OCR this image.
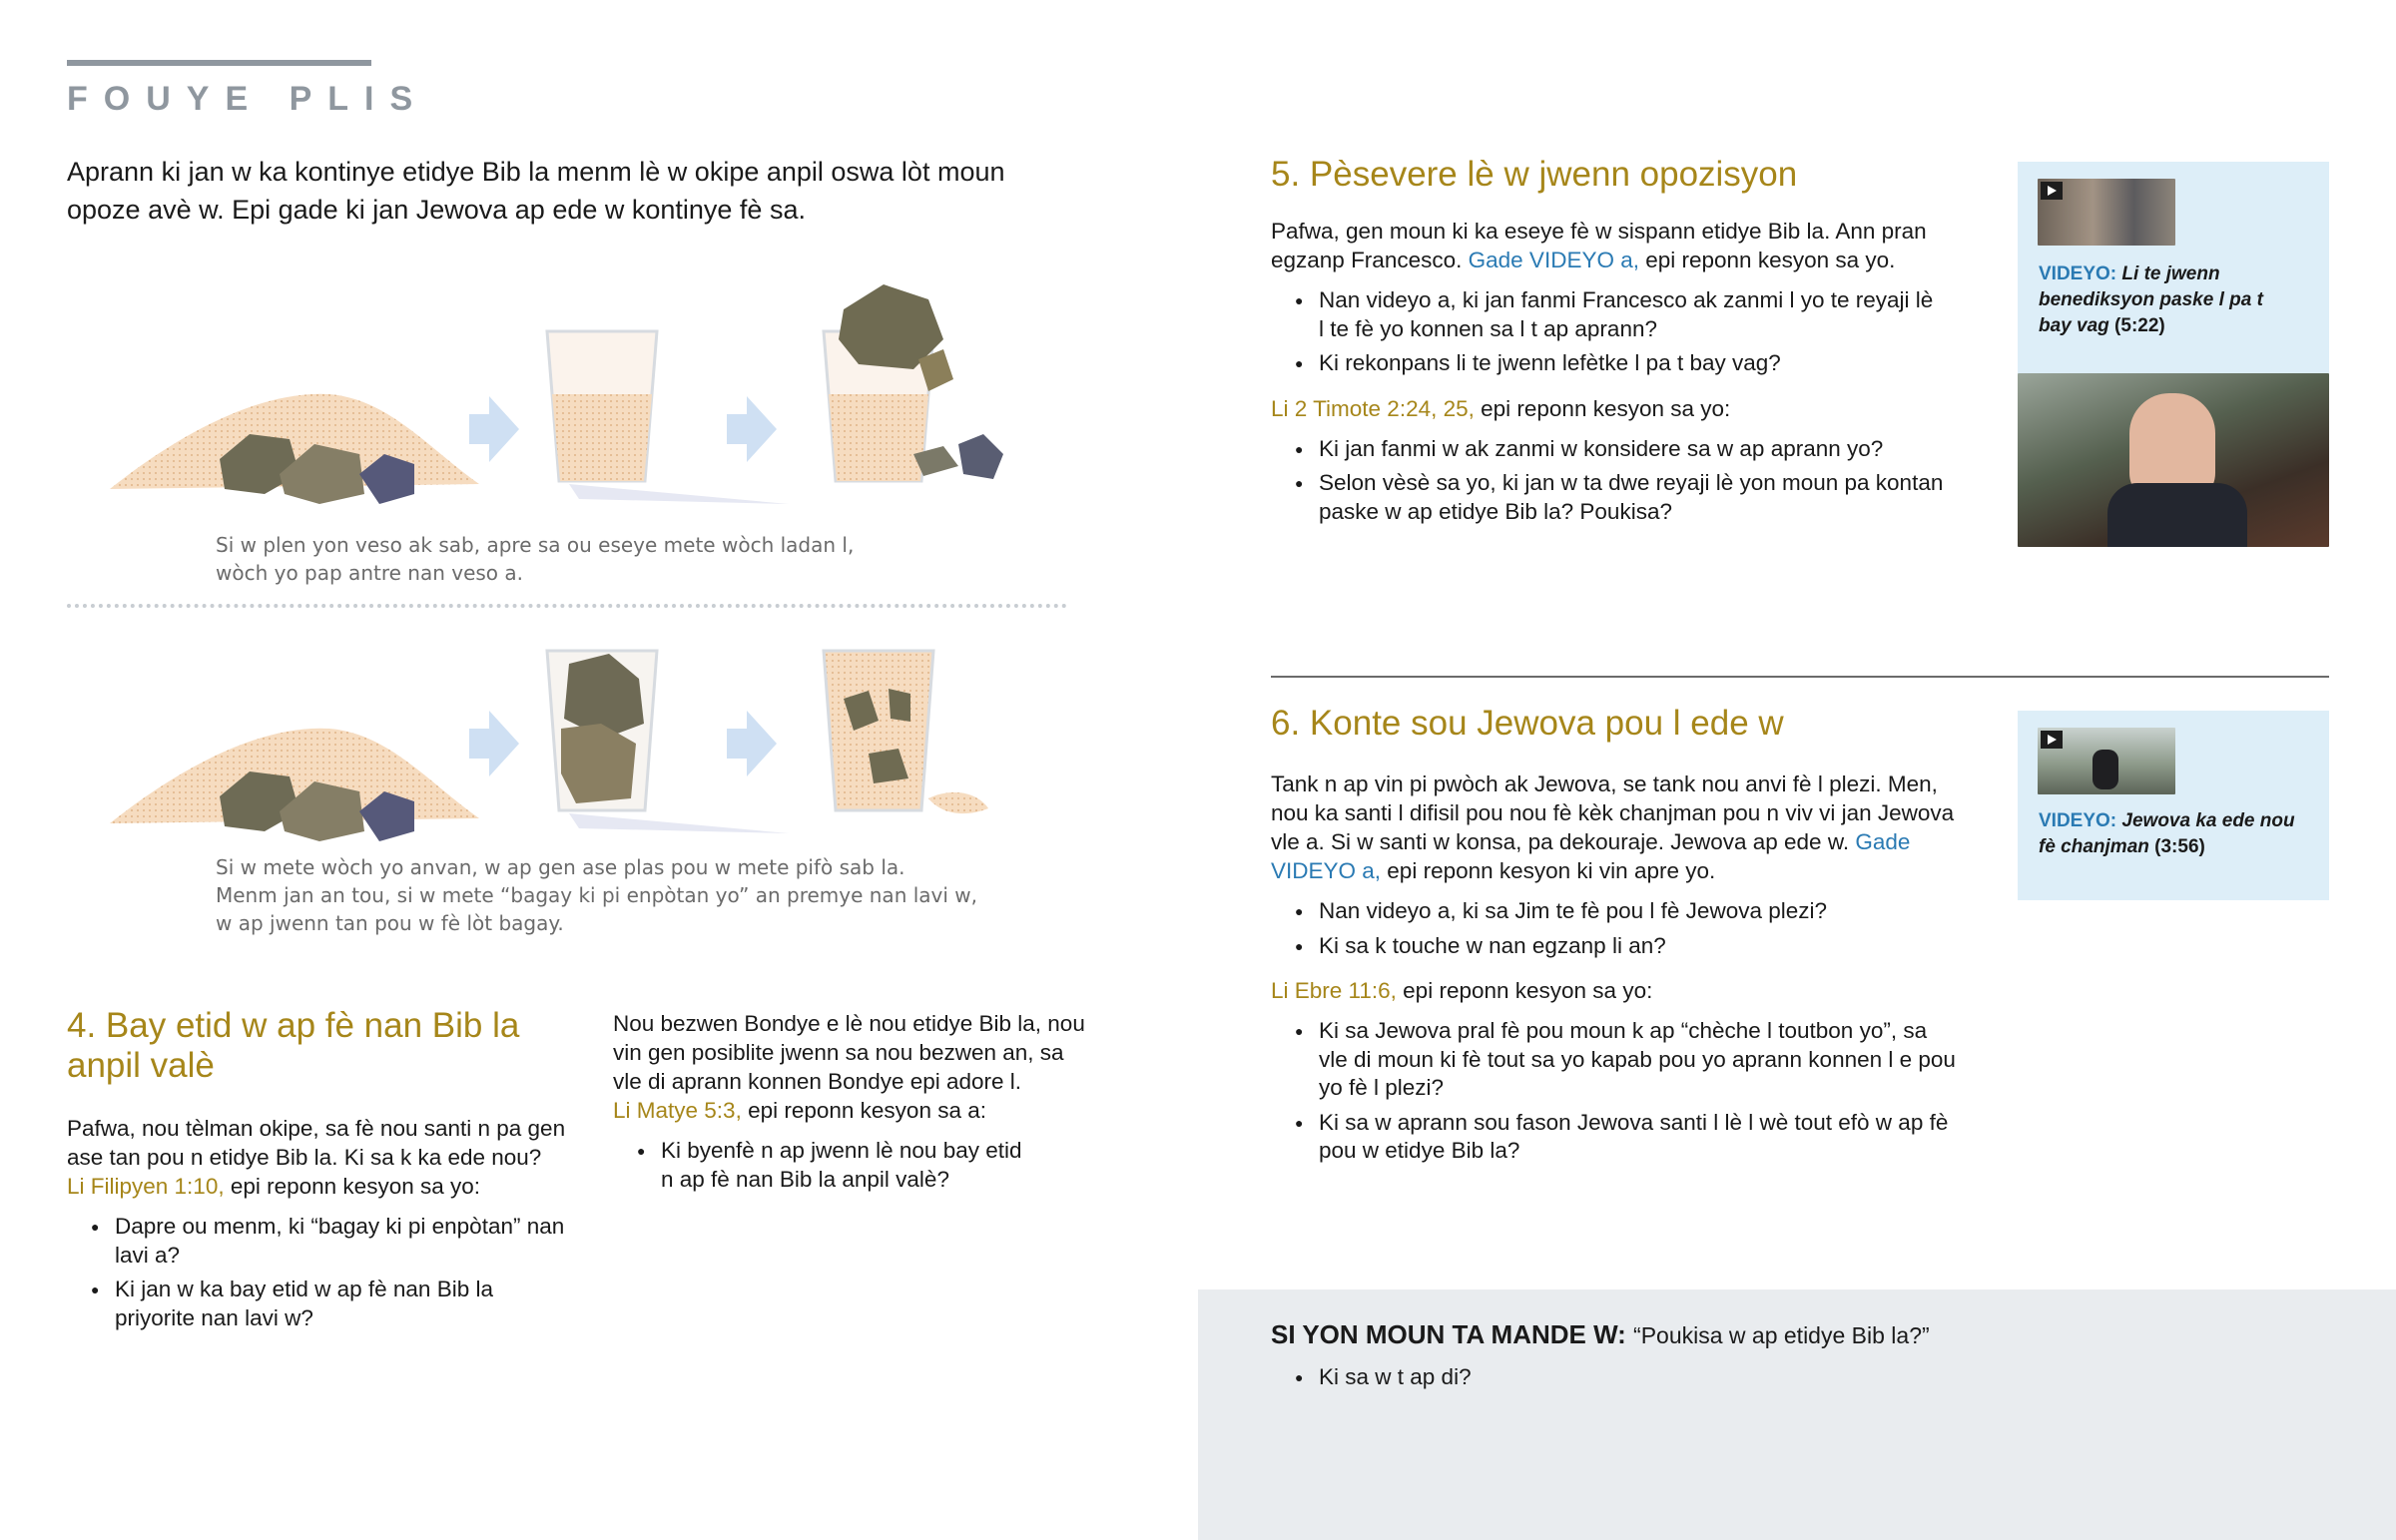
FOUYE PLIS
Aprann ki jan w ka kontinye etidye Bib la menm lè w okipe anpil oswa lòt moun opoze avè w. Epi gade ki jan Jewova ap ede w kontinye fè sa.
Si w plen yon veso ak sab, apre sa ou eseye mete wòch ladan l,
wòch yo pap antre nan veso a.
Si w mete wòch yo anvan, w ap gen ase plas pou w mete pifò sab la.
Menm jan an tou, si w mete “bagay ki pi enpòtan yo” an premye nan lavi w,
w ap jwenn tan pou w fè lòt bagay.
4. Bay etid w ap fè nan Bib la
anpil valè
Pafwa, nou tèlman okipe, sa fè nou santi n pa gen ase tan pou n etidye Bib la. Ki sa k ka ede nou?
Li Filipyen 1:10, epi reponn kesyon sa yo:
● Dapre ou menm, ki “bagay ki pi enpòtan” nan lavi a?
● Ki jan w ka bay etid w ap fè nan Bib la priyorite nan lavi w?
Nou bezwen Bondye e lè nou etidye Bib la, nou vin gen posiblite jwenn sa nou bezwen an, sa vle di aprann konnen Bondye epi adore l.
Li Matye 5:3, epi reponn kesyon sa a:
● Ki byenfè n ap jwenn lè nou bay etid n ap fè nan Bib la anpil valè?
5. Pèsevere lè w jwenn opozisyon
Pafwa, gen moun ki ka eseye fè w sispann etidye Bib la. Ann pran egzanp Francesco. Gade VIDEYO a, epi reponn kesyon sa yo.
● Nan videyo a, ki jan fanmi Francesco ak zanmi l yo te reyaji lè l te fè yo konnen sa l t ap aprann?
● Ki rekonpans li te jwenn lefètke l pa t bay vag?
Li 2 Timote 2:24, 25, epi reponn kesyon sa yo:
● Ki jan fanmi w ak zanmi w konsidere sa w ap aprann yo?
● Selon vèsè sa yo, ki jan w ta dwe reyaji lè yon moun pa kontan paske w ap etidye Bib la? Poukisa?
VIDEYO: Li te jwenn benediksyon paske l pa t bay vag (5:22)
6. Konte sou Jewova pou l ede w
Tank n ap vin pi pwòch ak Jewova, se tank nou anvi fè l plezi. Men, nou ka santi l difisil pou nou fè kèk chanjman pou n viv vi jan Jewova vle a. Si w santi w konsa, pa dekouraje. Jewova ap ede w. Gade VIDEYO a, epi reponn kesyon ki vin apre yo.
● Nan videyo a, ki sa Jim te fè pou l fè Jewova plezi?
● Ki sa k touche w nan egzanp li an?
Li Ebre 11:6, epi reponn kesyon sa yo:
● Ki sa Jewova pral fè pou moun k ap “chèche l toutbon yo”, sa vle di moun ki fè tout sa yo kapab pou yo aprann konnen l e pou yo fè l plezi?
● Ki sa w aprann sou fason Jewova santi l lè l wè tout efò w ap fè pou w etidye Bib la?
VIDEYO: Jewova ka ede nou fè chanjman (3:56)
SI YON MOUN TA MANDE W: “Poukisa w ap etidye Bib la?”
● Ki sa w t ap di?
